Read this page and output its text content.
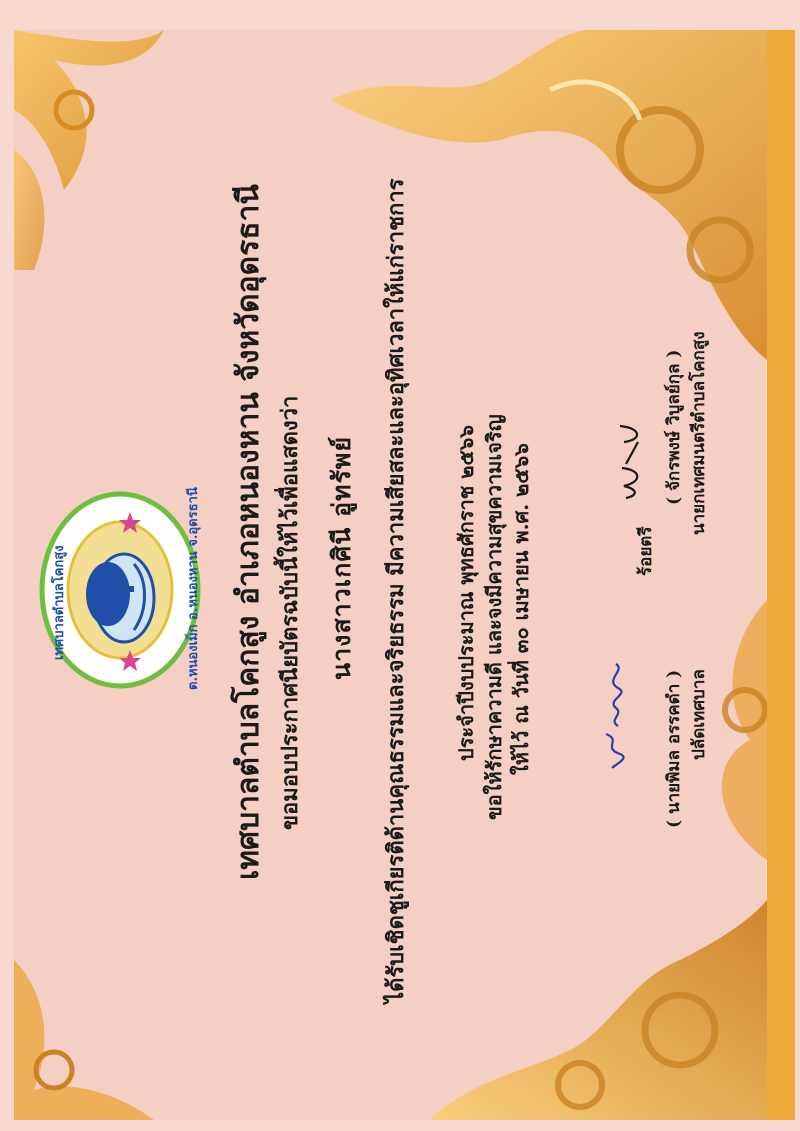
เทศบาลตำบลโคกสูง	ต.หนองเม็ก อ.หนองหาน จ.อุดรธานี เทศบาลตำบลโคกสูง อำเภอหนองหาน จังหวัดอุดรธานี ขอมอบประกาศนียบัตรฉบับนี้ให้ไว้เพื่อแสดงว่า นางสาวเกศินี อู่ทรัพย์ ได้รับเชิดชูเกียรติด้านคุณธรรมและจริยธรรม มีความเสียสละและอุทิศเวลาให้แก่ราชการ ประจำปีงบประมาณ พุทธศักราช ๒๕๖๖ ขอให้รักษาความดี และจงมีความสุขความเจริญ ให้ไว้ ณ วันที่ ๓๐ เมษายน พ.ศ. ๒๕๖๖	( นายพิมล อรรคดำ ) ปลัดเทศบาล
ร้อยตรี
( จักรพงษ์ วิบูลย์กุล ) นายกเทศมนตรีตำบลโคกสูง
